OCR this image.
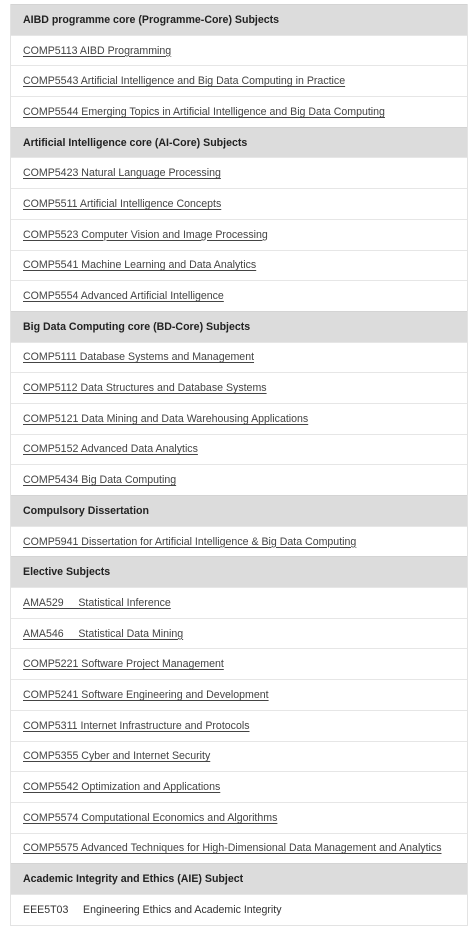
AIBD programme core (Programme-Core) Subjects
COMP5113 AIBD Programming
COMP5543 Artificial Intelligence and Big Data Computing in Practice
COMP5544 Emerging Topics in Artificial Intelligence and Big Data Computing
Artificial Intelligence core (AI-Core) Subjects
COMP5423 Natural Language Processing
COMP5511 Artificial Intelligence Concepts
COMP5523 Computer Vision and Image Processing
COMP5541 Machine Learning and Data Analytics
COMP5554 Advanced Artificial Intelligence
Big Data Computing core (BD-Core) Subjects
COMP5111 Database Systems and Management
COMP5112 Data Structures and Database Systems
COMP5121 Data Mining and Data Warehousing Applications
COMP5152 Advanced Data Analytics
COMP5434 Big Data Computing
Compulsory Dissertation
COMP5941 Dissertation for Artificial Intelligence & Big Data Computing
Elective Subjects
AMA529     Statistical Inference
AMA546     Statistical Data Mining
COMP5221 Software Project Management
COMP5241 Software Engineering and Development
COMP5311 Internet Infrastructure and Protocols
COMP5355 Cyber and Internet Security
COMP5542 Optimization and Applications
COMP5574 Computational Economics and Algorithms
COMP5575 Advanced Techniques for High-Dimensional Data Management and Analytics
Academic Integrity and Ethics (AIE) Subject
EEE5T03     Engineering Ethics and Academic Integrity
